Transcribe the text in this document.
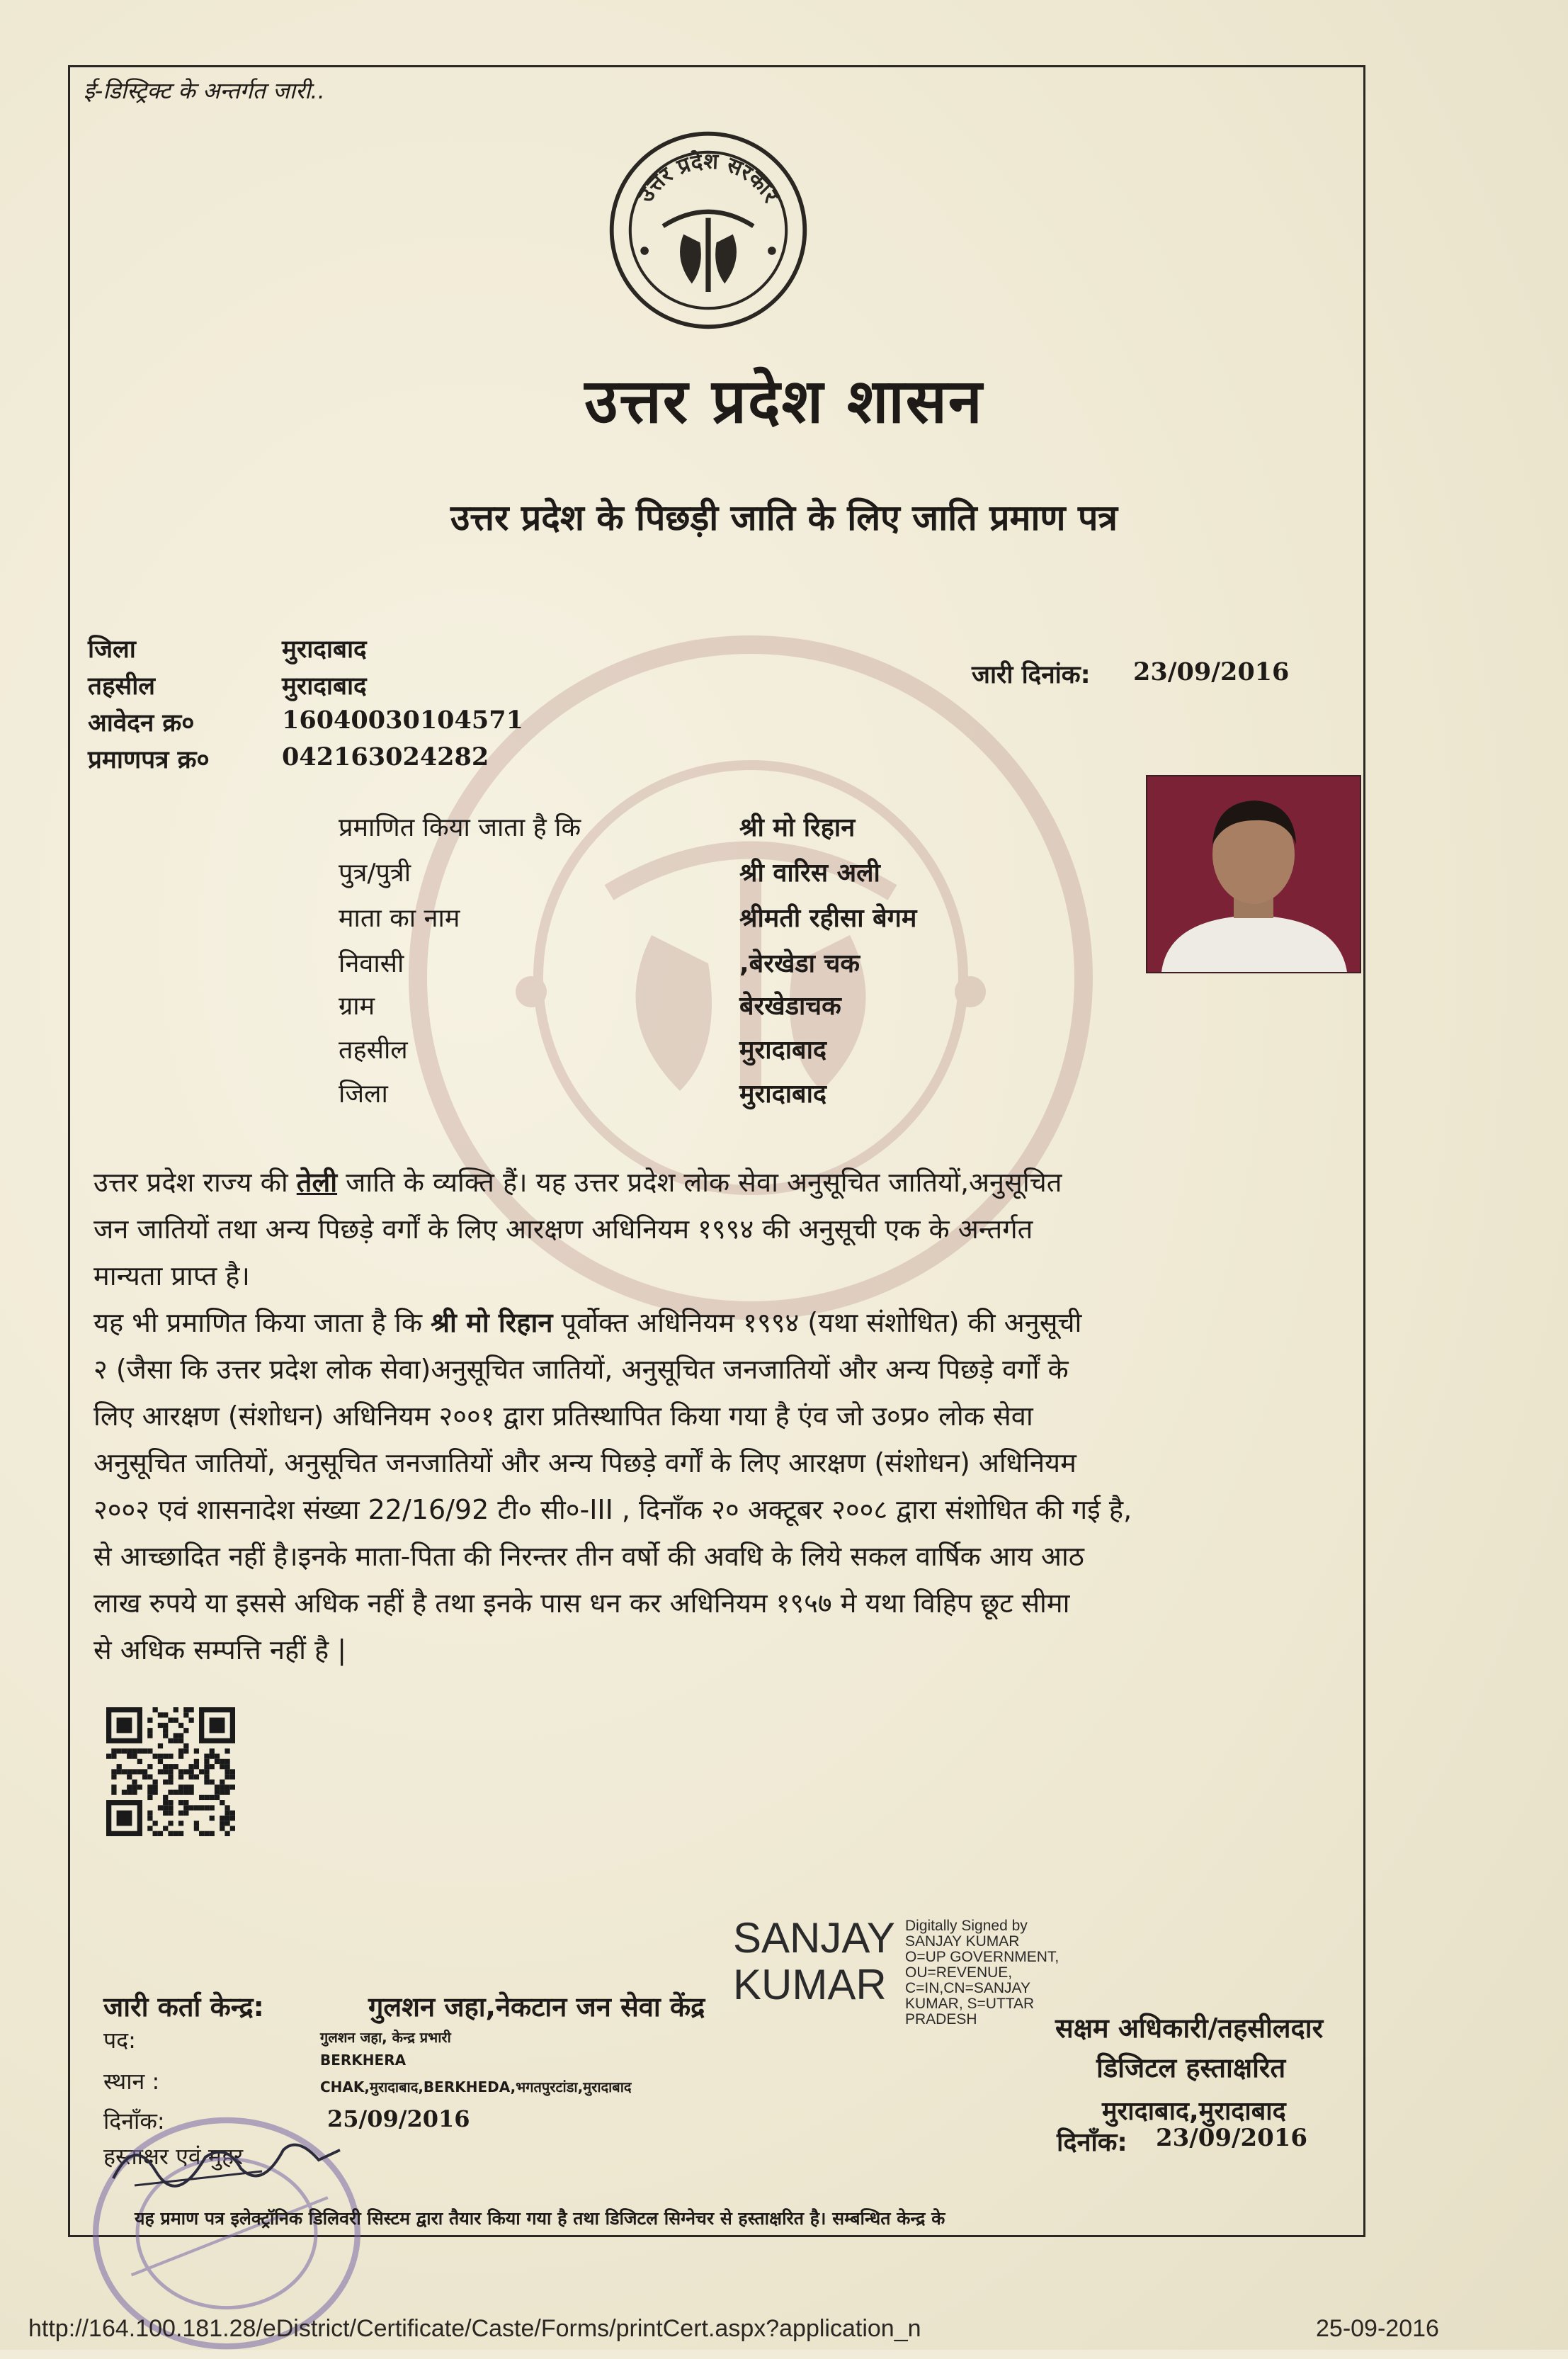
ई-डिस्ट्रिक्ट के अन्तर्गत जारी..
उत्तर प्रदेश सरकार
उत्तर प्रदेश शासन
उत्तर प्रदेश के पिछड़ी जाति के लिए जाति प्रमाण पत्र
जिला	मुरादाबाद
तहसील	मुरादाबाद
आवेदन क्र०	16040030104571
प्रमाणपत्र क्र०	042163024282
जारी दिनांक: 23/09/2016
प्रमाणित किया जाता है कि	श्री मो रिहान
पुत्र/पुत्री	श्री वारिस अली
माता का नाम	श्रीमती रहीसा बेगम
निवासी	,बेरखेडा चक
ग्राम	बेरखेडाचक
तहसील	मुरादाबाद
जिला	मुरादाबाद
उत्तर प्रदेश राज्य की तेली जाति के व्यक्ति हैं। यह उत्तर प्रदेश लोक सेवा अनुसूचित जातियों,अनुसूचित
जन जातियों तथा अन्य पिछड़े वर्गों के लिए आरक्षण अधिनियम १९९४ की अनुसूची एक के अन्तर्गत
मान्यता प्राप्त है।
यह भी प्रमाणित किया जाता है कि श्री मो रिहान पूर्वोक्त अधिनियम १९९४ (यथा संशोधित) की अनुसूची
२ (जैसा कि उत्तर प्रदेश लोक सेवा)अनुसूचित जातियों, अनुसूचित जनजातियों और अन्य पिछड़े वर्गों के
लिए आरक्षण (संशोधन) अधिनियम २००१ द्वारा प्रतिस्थापित किया गया है एंव जो उ०प्र० लोक सेवा
अनुसूचित जातियों, अनुसूचित जनजातियों और अन्य पिछड़े वर्गों के लिए आरक्षण (संशोधन) अधिनियम
२००२ एवं शासनादेश संख्या 22/16/92 टी० सी०-III , दिनाँक २० अक्टूबर २००८ द्वारा संशोधित की गई है,
से आच्छादित नहीं है।इनके माता-पिता की निरन्तर तीन वर्षो की अवधि के लिये सकल वार्षिक आय आठ
लाख रुपये या इससे अधिक नहीं है तथा इनके पास धन कर अधिनियम १९५७ मे यथा विहिप छूट सीमा
से अधिक सम्पत्ति नहीं है |
SANJAY
KUMAR
Digitally Signed by SANJAY KUMAR O=UP GOVERNMENT, OU=REVENUE, C=IN,CN=SANJAY KUMAR, S=UTTAR PRADESH
जारी कर्ता केन्द्र:	गुलशन जहा,नेकटान जन सेवा केंद्र
पद:	गुलशन जहा, केन्द्र प्रभारी
स्थान :
BERKHERA
CHAK,मुरादाबाद,BERKHEDA,भगतपुरटांडा,मुरादाबाद
दिनाँक:	25/09/2016
हस्ताक्षर एवं मुहर
सक्षम अधिकारी/तहसीलदार
डिजिटल हस्ताक्षरित
मुरादाबाद,मुरादाबाद
दिनाँक: 23/09/2016
यह प्रमाण पत्र इलेक्ट्रॉनिक डिलिवरी सिस्टम द्वारा तैयार किया गया है तथा डिजिटल सिग्नेचर से हस्ताक्षरित है। सम्बन्धित केन्द्र के
http://164.100.181.28/eDistrict/Certificate/Caste/Forms/printCert.aspx?application_n	25-09-2016
